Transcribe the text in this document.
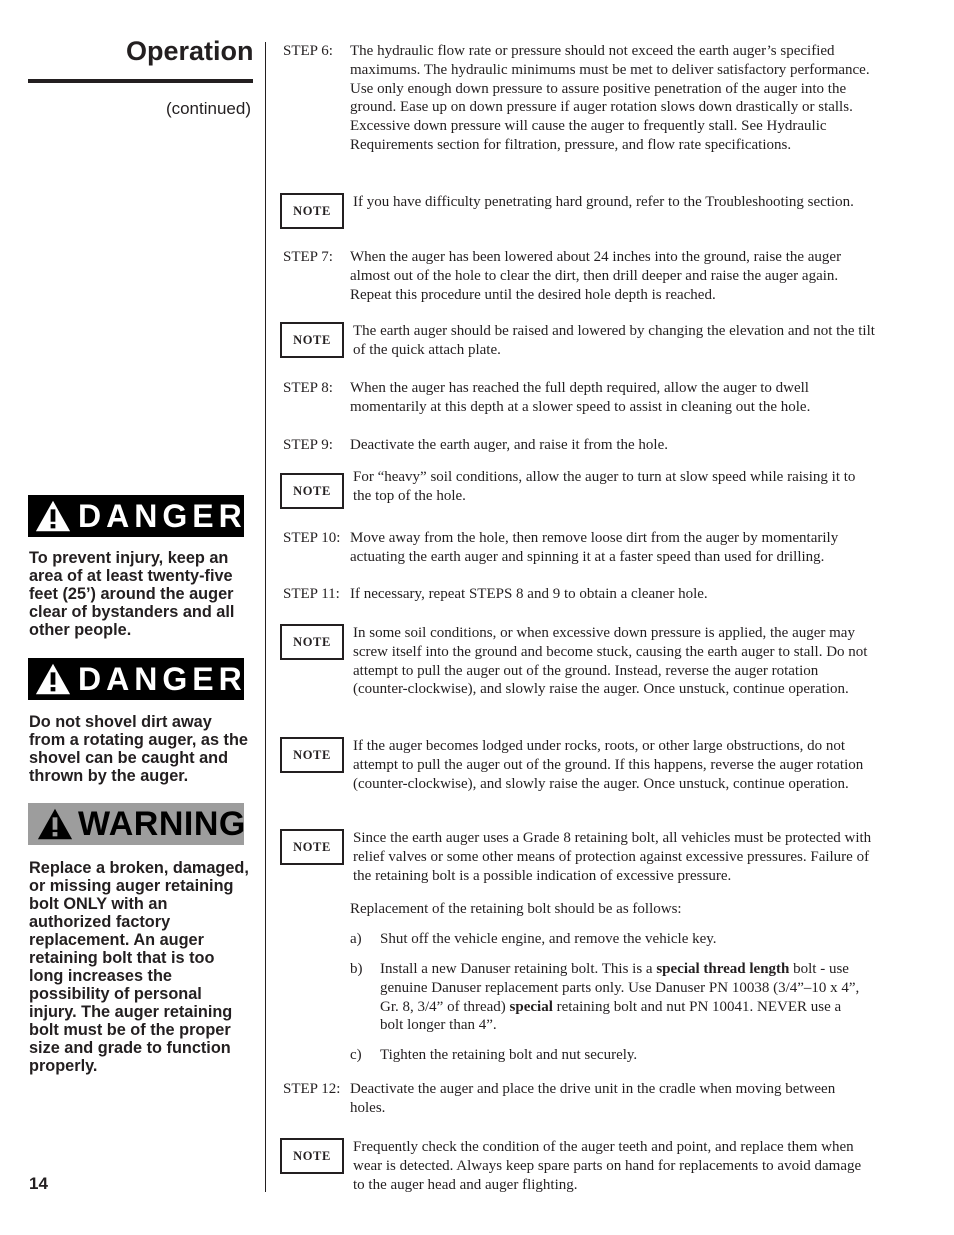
Operation
(continued)
DANGER

To prevent injury, keep an area of at least twenty-five feet (25’) around the auger clear of bystanders and all other people.

DANGER

Do not shovel dirt away from a rotating auger, as the shovel can be caught and thrown by the auger.

WARNING

Replace a broken, damaged, or missing auger retaining bolt ONLY with an authorized factory replacement. An auger retaining bolt that is too long increases the possibility of personal injury. The auger retaining bolt must be of the proper size and grade to function properly.

14
STEP 6: The hydraulic flow rate or pressure should not exceed the earth auger’s specified maximums. The hydraulic minimums must be met to deliver satisfactory performance. Use only enough down pressure to assure positive penetration of the auger into the ground. Ease up on down pressure if auger rotation slows down drastically or stalls. Excessive down pressure will cause the auger to frequently stall. See Hydraulic Requirements section for filtration, pressure, and flow rate specifications.
NOTE
If you have difficulty penetrating hard ground, refer to the Troubleshooting section.
STEP 7: When the auger has been lowered about 24 inches into the ground, raise the auger almost out of the hole to clear the dirt, then drill deeper and raise the auger again. Repeat this procedure until the desired hole depth is reached.
NOTE
The earth auger should be raised and lowered by changing the elevation and not the tilt of the quick attach plate.
STEP 8: When the auger has reached the full depth required, allow the auger to dwell momentarily at this depth at a slower speed to assist in cleaning out the hole.
STEP 9: Deactivate the earth auger, and raise it from the hole.
NOTE
For “heavy” soil conditions, allow the auger to turn at slow speed while raising it to the top of the hole.
STEP 10: Move away from the hole, then remove loose dirt from the auger by momentarily actuating the earth auger and spinning it at a faster speed than used for drilling.
STEP 11: If necessary, repeat STEPS 8 and 9 to obtain a cleaner hole.
NOTE
In some soil conditions, or when excessive down pressure is applied, the auger may screw itself into the ground and become stuck, causing the earth auger to stall. Do not attempt to pull the auger out of the ground. Instead, reverse the auger rotation (counter-clockwise), and slowly raise the auger. Once unstuck, continue operation.
NOTE
If the auger becomes lodged under rocks, roots, or other large obstructions, do not attempt to pull the auger out of the ground. If this happens, reverse the auger rotation (counter-clockwise), and slowly raise the auger. Once unstuck, continue operation.
NOTE
Since the earth auger uses a Grade 8 retaining bolt, all vehicles must be protected with relief valves or some other means of protection against excessive pressures. Failure of the retaining bolt is a possible indication of excessive pressure.
Replacement of the retaining bolt should be as follows:
a) Shut off the vehicle engine, and remove the vehicle key.
b) Install a new Danuser retaining bolt. This is a special thread length bolt - use genuine Danuser replacement parts only. Use Danuser PN 10038 (3/4”–10 x 4”, Gr. 8, 3/4” of thread) special retaining bolt and nut PN 10041. NEVER use a bolt longer than 4”.
c) Tighten the retaining bolt and nut securely.
STEP 12: Deactivate the auger and place the drive unit in the cradle when moving between holes.
NOTE
Frequently check the condition of the auger teeth and point, and replace them when wear is detected. Always keep spare parts on hand for replacements to avoid damage to the auger head and auger flighting.
